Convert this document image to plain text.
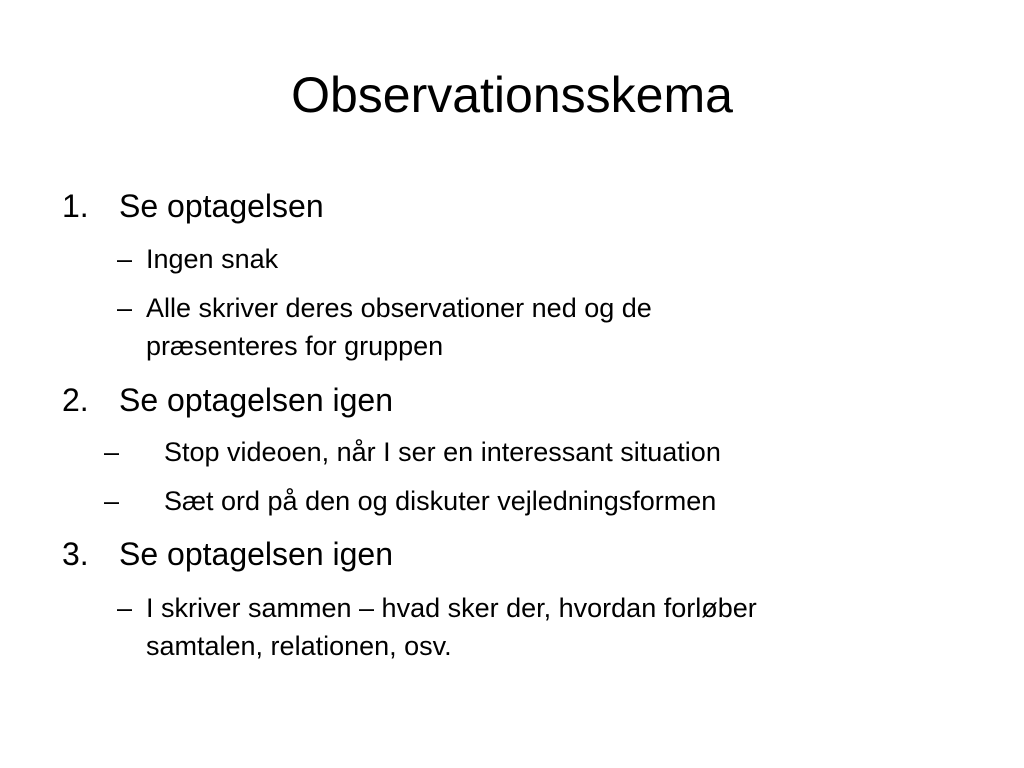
Observationsskema
1. Se optagelsen
– Ingen snak
– Alle skriver deres observationer ned og de
præsenteres for gruppen
2. Se optagelsen igen
– Stop videoen, når I ser en interessant situation
– Sæt ord på den og diskuter vejledningsformen
3. Se optagelsen igen
– I skriver sammen – hvad sker der, hvordan forløber
samtalen, relationen, osv.
